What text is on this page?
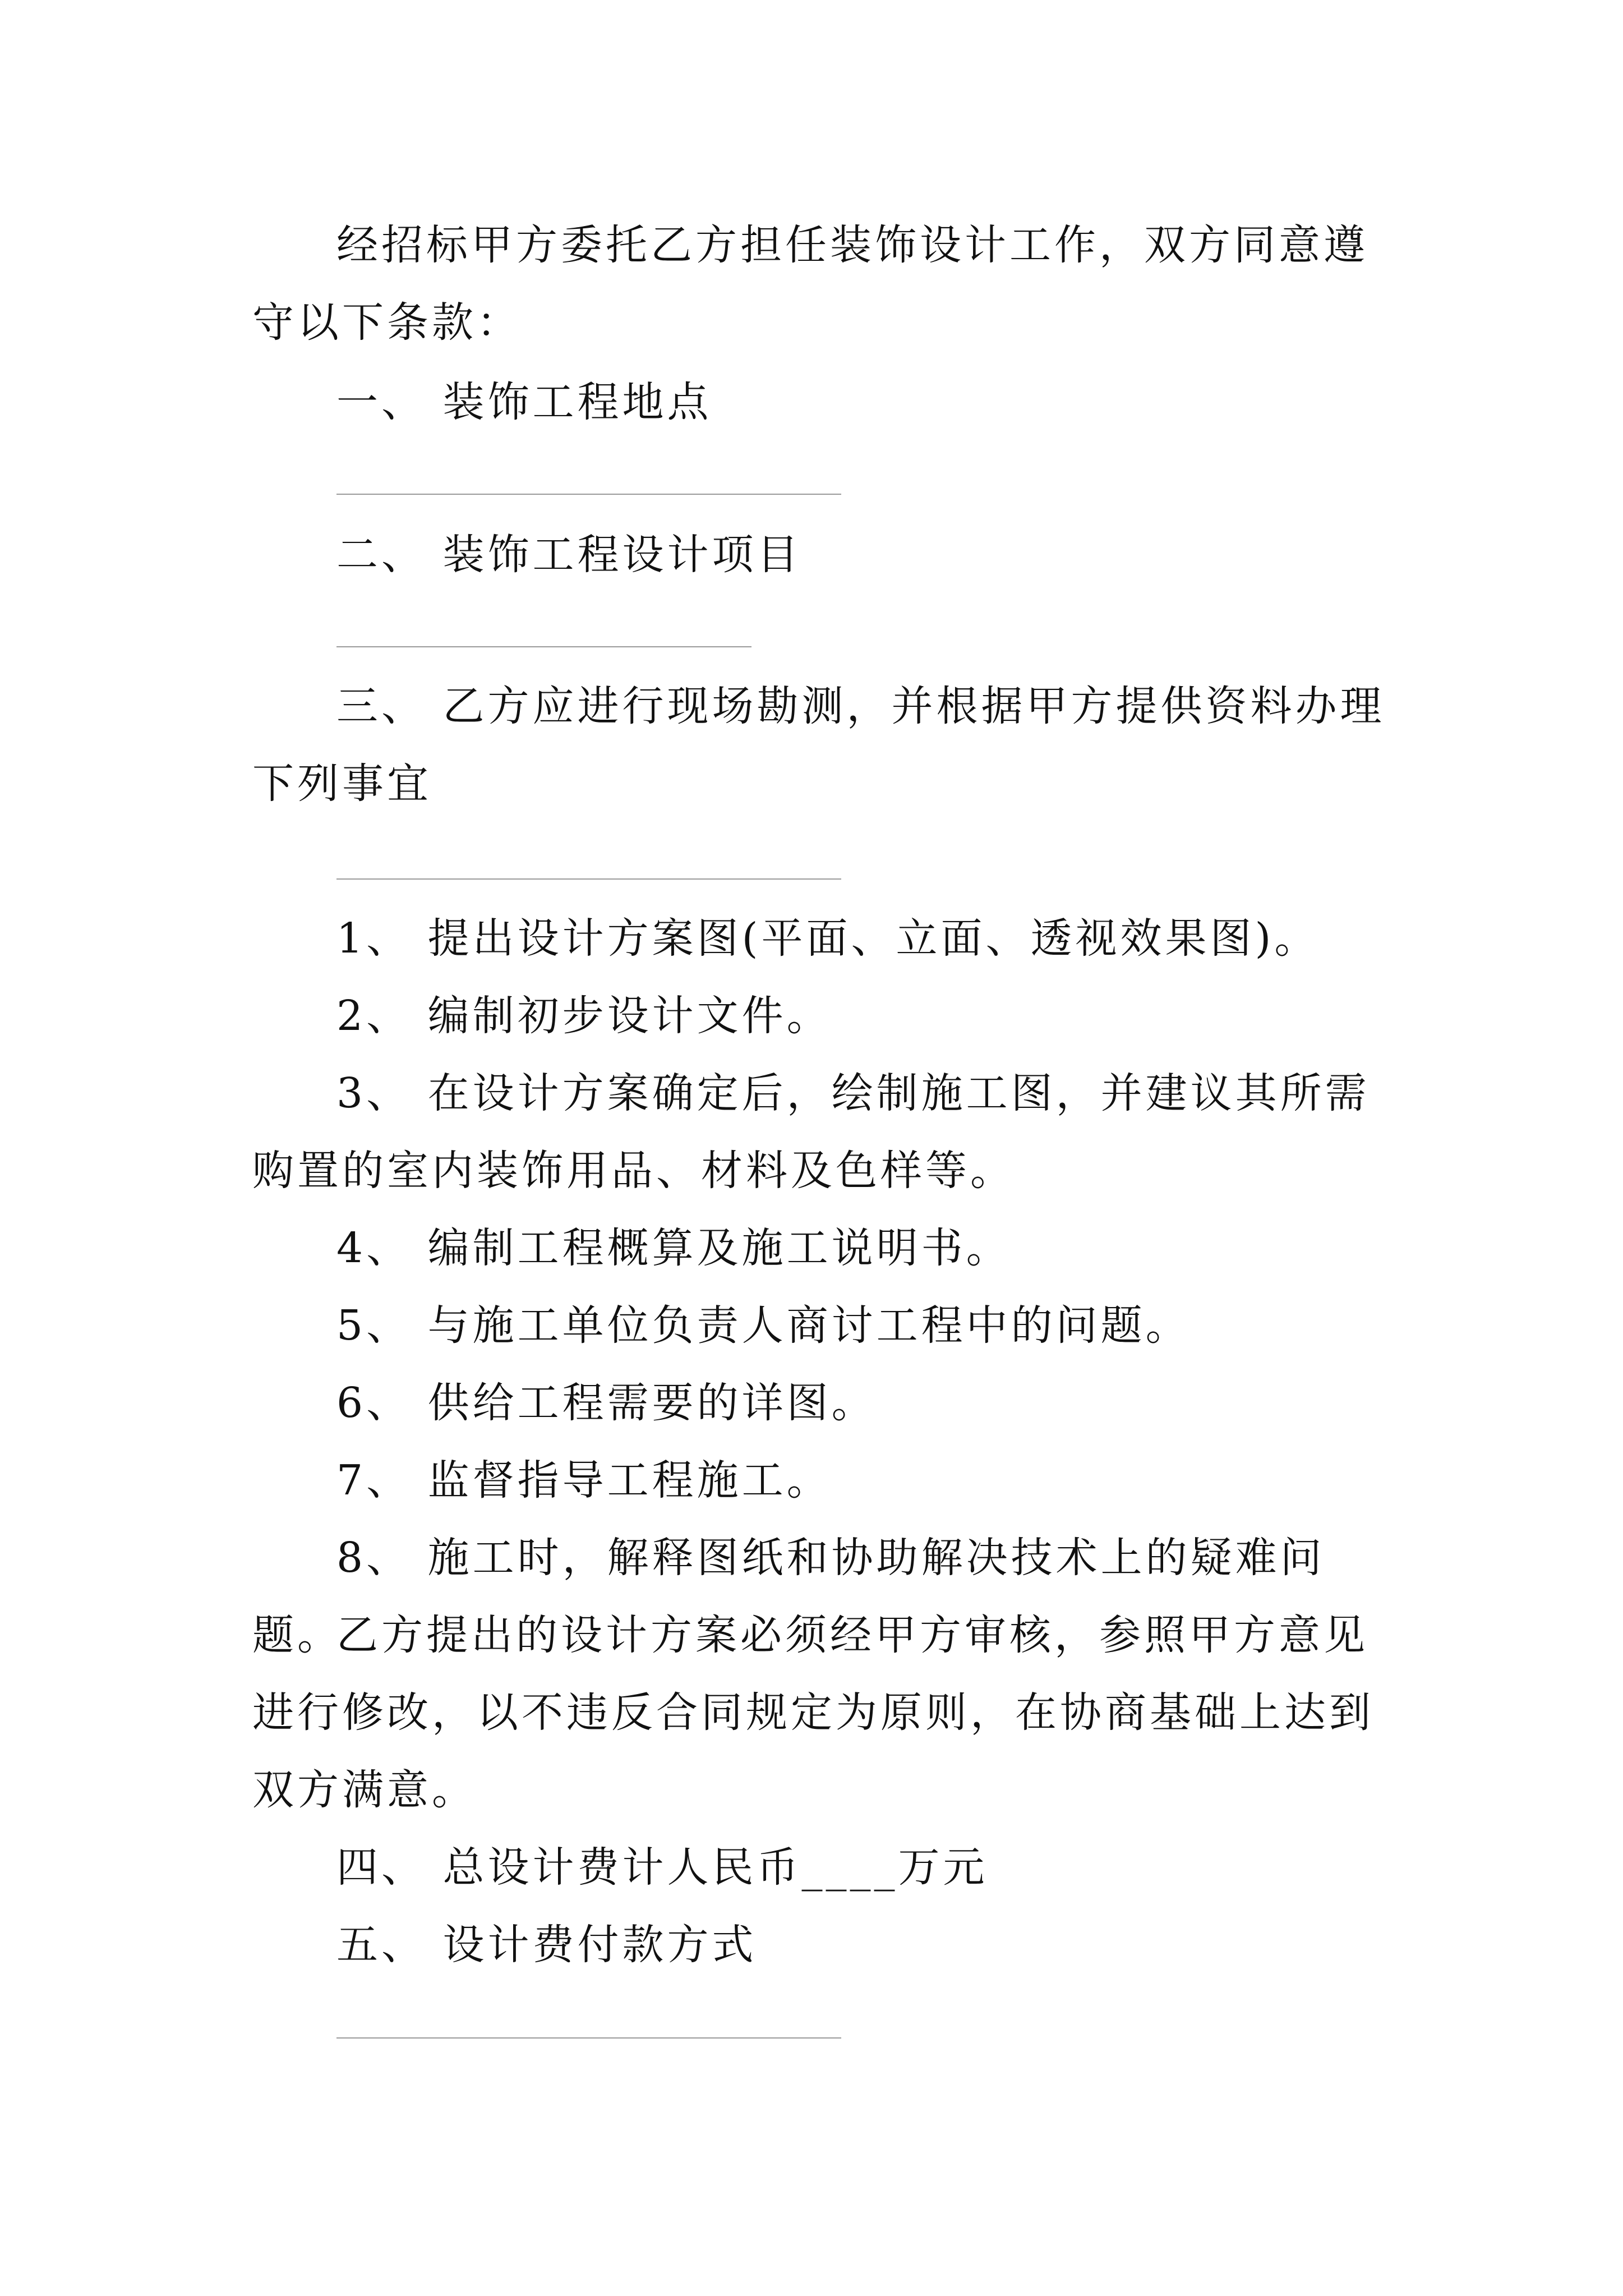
经招标甲方委托乙方担任装饰设计工作，双方同意遵守以下条款：

一、 装饰工程地点

二、 装饰工程设计项目

三、 乙方应进行现场勘测，并根据甲方提供资料办理下列事宜

1、 提出设计方案图(平面、立面、透视效果图)。

2、 编制初步设计文件。

3、 在设计方案确定后，绘制施工图，并建议其所需购置的室内装饰用品、材料及色样等。

4、 编制工程概算及施工说明书。

5、 与施工单位负责人商讨工程中的问题。

6、 供给工程需要的详图。

7、 监督指导工程施工。

8、 施工时，解释图纸和协助解决技术上的疑难问题。

乙方提出的设计方案必须经甲方审核，参照甲方意见进行修改，以不违反合同规定为原则，在协商基础上达到双方满意。

四、 总设计费计人民币____万元

五、 设计费付款方式
